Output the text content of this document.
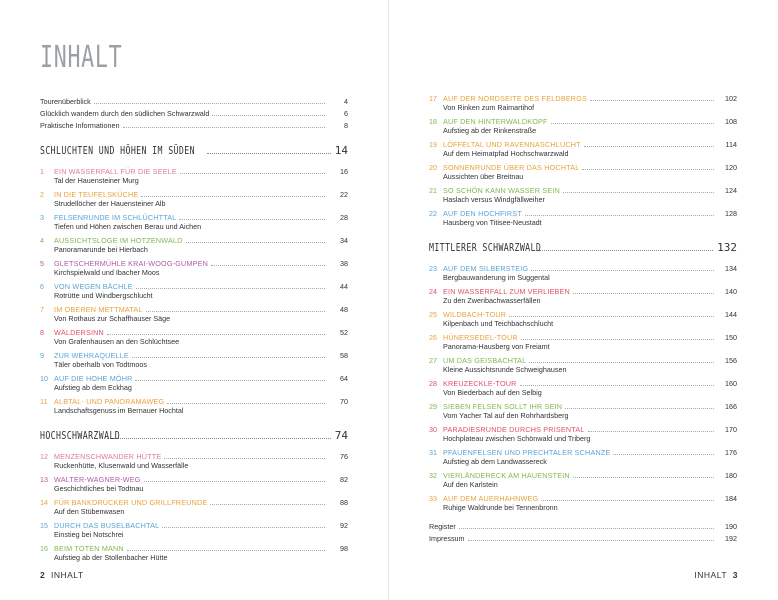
INHALT
Tourenüberblick	4
Glücklich wandern durch den südlichen Schwarzwald	6
Praktische Informationen	8
SCHLUCHTEN UND HÖHEN IM SÜDEN	14
1	EIN WASSERFALL FÜR DIE SEELE	16
Tal der Hauensteiner Murg
2	IN DIE TEUFELSKÜCHE	22
Strudellöcher der Hauensteiner Alb
3	FELSENRUNDE IM SCHLÜCHTTAL	28
Tiefen und Höhen zwischen Berau und Aichen
4	AUSSICHTSLOGE IM HOTZENWALD	34
Panoramarunde bei Hierbach
5	GLETSCHERMÜHLE KRAI-WOOG-GUMPEN	38
Kirchspielwald und Ibacher Moos
6	VON WEGEN BÄCHLE	44
Rotrütte und Windbergschlucht
7	IM OBEREN METTMATAL	48
Von Rothaus zur Schaffhauser Säge
8	WÄLDERSINN	52
Von Grafenhausen an den Schlüchtsee
9	ZUR WEHRAQUELLE	58
Täler oberhalb von Todtmoos
10 AUF DIE HOHE MÖHR	64
Aufstieg ab dem Eckhag
11 ALBTAL- UND PANORAMAWEG	70
Landschaftsgenuss im Bernauer Hochtal
HOCHSCHWARZWALD	74
12 MENZENSCHWANDER HÜTTE	76
Ruckenhütte, Klusenwald und Wasserfälle
13 WALTER-WAGNER-WEG	82
Geschichtliches bei Todtnau
14 FÜR BANKDRÜCKER UND GRILLFREUNDE	88
Auf den Stübenwasen
15 DURCH DAS BUSELBACHTAL	92
Einstieg bei Notschrei
16 BEIM TOTEN MANN	98
Aufstieg ab der Stollenbacher Hütte
2 INHALT
17 AUF DER NORDSEITE DES FELDBERGS	102
Von Rinken zum Raimartihof
18 AUF DEN HINTERWALDKOPF	108
Aufstieg ab der Rinkenstraße
19 LÖFFELTAL UND RAVENNASCHLUCHT	114
Auf dem Heimatpfad Hochschwarzwald
20 SONNENRUNDE ÜBER DAS HOCHTAL	120
Aussichten über Breitnau
21 SO SCHÖN KANN WASSER SEIN	124
Haslach versus Windgfällweiher
22 AUF DEN HOCHFIRST	128
Hausberg von Titisee-Neustadt
MITTLERER SCHWARZWALD	132
23 AUF DEM SILBERSTEIG	134
Bergbauwanderung im Suggental
24 EIN WASSERFALL ZUM VERLIEBEN	140
Zu den Zweribachwasserfällen
25 WILDBACH-TOUR	144
Kilpenbach und Teichbachschlucht
26 HÜNERSEDEL-TOUR	150
Panorama-Hausberg von Freiamt
27 UM DAS GEISBACHTAL	156
Kleine Aussichtsrunde Schweighausen
28 KREUZECKLE-TOUR	160
Von Biederbach auf den Selbig
29 SIEBEN FELSEN SOLLT IHR SEIN	166
Vom Yacher Tal auf den Rohrhardsberg
30 PARADIESRUNDE DURCHS PRISENTAL	170
Hochplateau zwischen Schönwald und Triberg
31 PFAUENFELSEN UND PRECHTALER SCHANZE	176
Aufstieg ab dem Landwassereck
32 VIERLÄNDERECK AM HAUENSTEIN	180
Auf den Karlstein
33 AUF DEM AUERHAHNWEG	184
Ruhige Waldrunde bei Tennenbronn
Register	190
Impressum	192
INHALT 3
